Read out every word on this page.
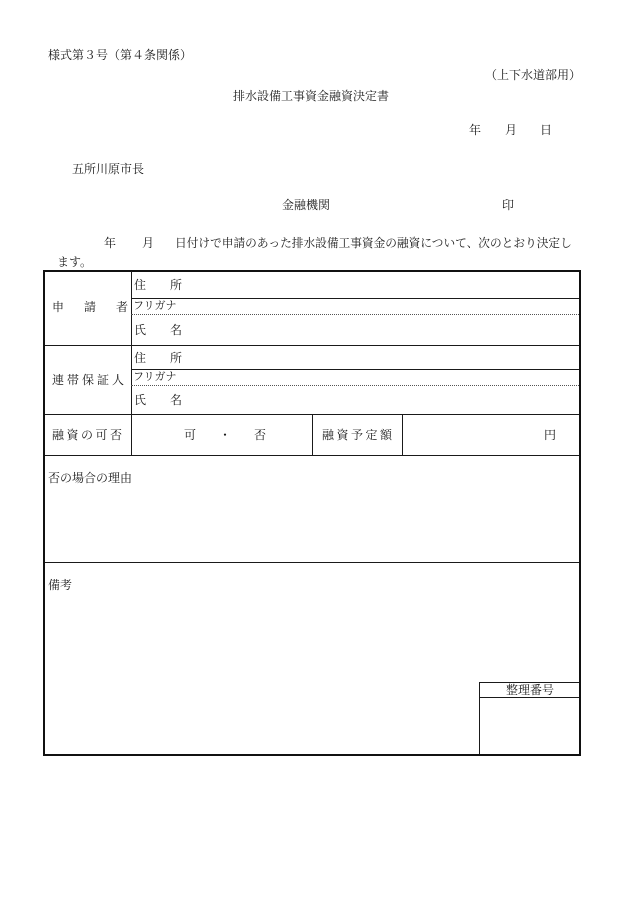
様式第３号（第４条関係）
（上下水道部用）
排水設備工事資金融資決定書
年 月 日
五所川原市長
金融機関	印
年 月 日付けで申請のあった排水設備工事資金の融資について、次のとおり決定し
ます。
申　請　者
住　所
フリガナ
氏　名
連帯保証人
住　所
フリガナ
氏　名
融資の可否	可　・　否	融資予定額	円
否の場合の理由
備考
整理番号
